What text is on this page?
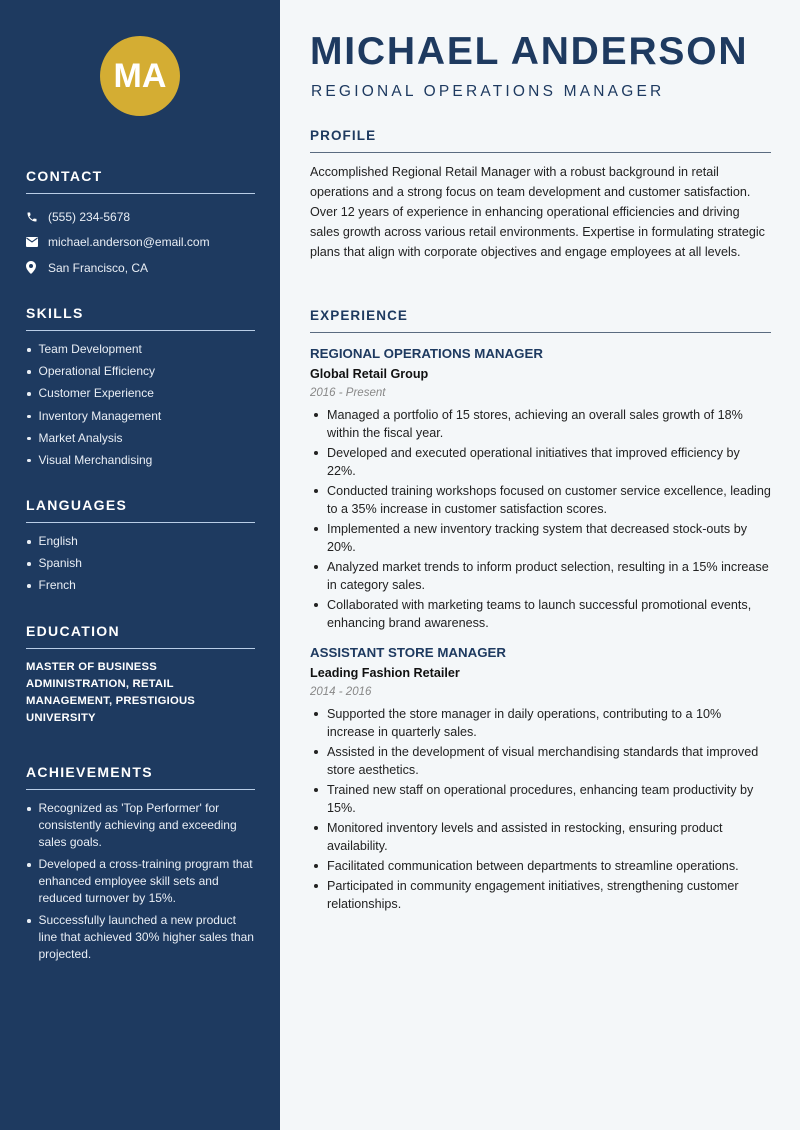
MA
CONTACT
(555) 234-5678
michael.anderson@email.com
San Francisco, CA
SKILLS
Team Development
Operational Efficiency
Customer Experience
Inventory Management
Market Analysis
Visual Merchandising
LANGUAGES
English
Spanish
French
EDUCATION
MASTER OF BUSINESS ADMINISTRATION, RETAIL MANAGEMENT, PRESTIGIOUS UNIVERSITY
ACHIEVEMENTS
Recognized as 'Top Performer' for consistently achieving and exceeding sales goals.
Developed a cross-training program that enhanced employee skill sets and reduced turnover by 15%.
Successfully launched a new product line that achieved 30% higher sales than projected.
MICHAEL ANDERSON
REGIONAL OPERATIONS MANAGER
PROFILE

Accomplished Regional Retail Manager with a robust background in retail operations and a strong focus on team development and customer satisfaction. Over 12 years of experience in enhancing operational efficiencies and driving sales growth across various retail environments. Expertise in formulating strategic plans that align with corporate objectives and engage employees at all levels.

EXPERIENCE
REGIONAL OPERATIONS MANAGER
Global Retail Group
2016 - Present
Managed a portfolio of 15 stores, achieving an overall sales growth of 18% within the fiscal year.
Developed and executed operational initiatives that improved efficiency by 22%.
Conducted training workshops focused on customer service excellence, leading to a 35% increase in customer satisfaction scores.
Implemented a new inventory tracking system that decreased stock-outs by 20%.
Analyzed market trends to inform product selection, resulting in a 15% increase in category sales.
Collaborated with marketing teams to launch successful promotional events, enhancing brand awareness.
ASSISTANT STORE MANAGER
Leading Fashion Retailer
2014 - 2016
Supported the store manager in daily operations, contributing to a 10% increase in quarterly sales.
Assisted in the development of visual merchandising standards that improved store aesthetics.
Trained new staff on operational procedures, enhancing team productivity by 15%.
Monitored inventory levels and assisted in restocking, ensuring product availability.
Facilitated communication between departments to streamline operations.
Participated in community engagement initiatives, strengthening customer relationships.
